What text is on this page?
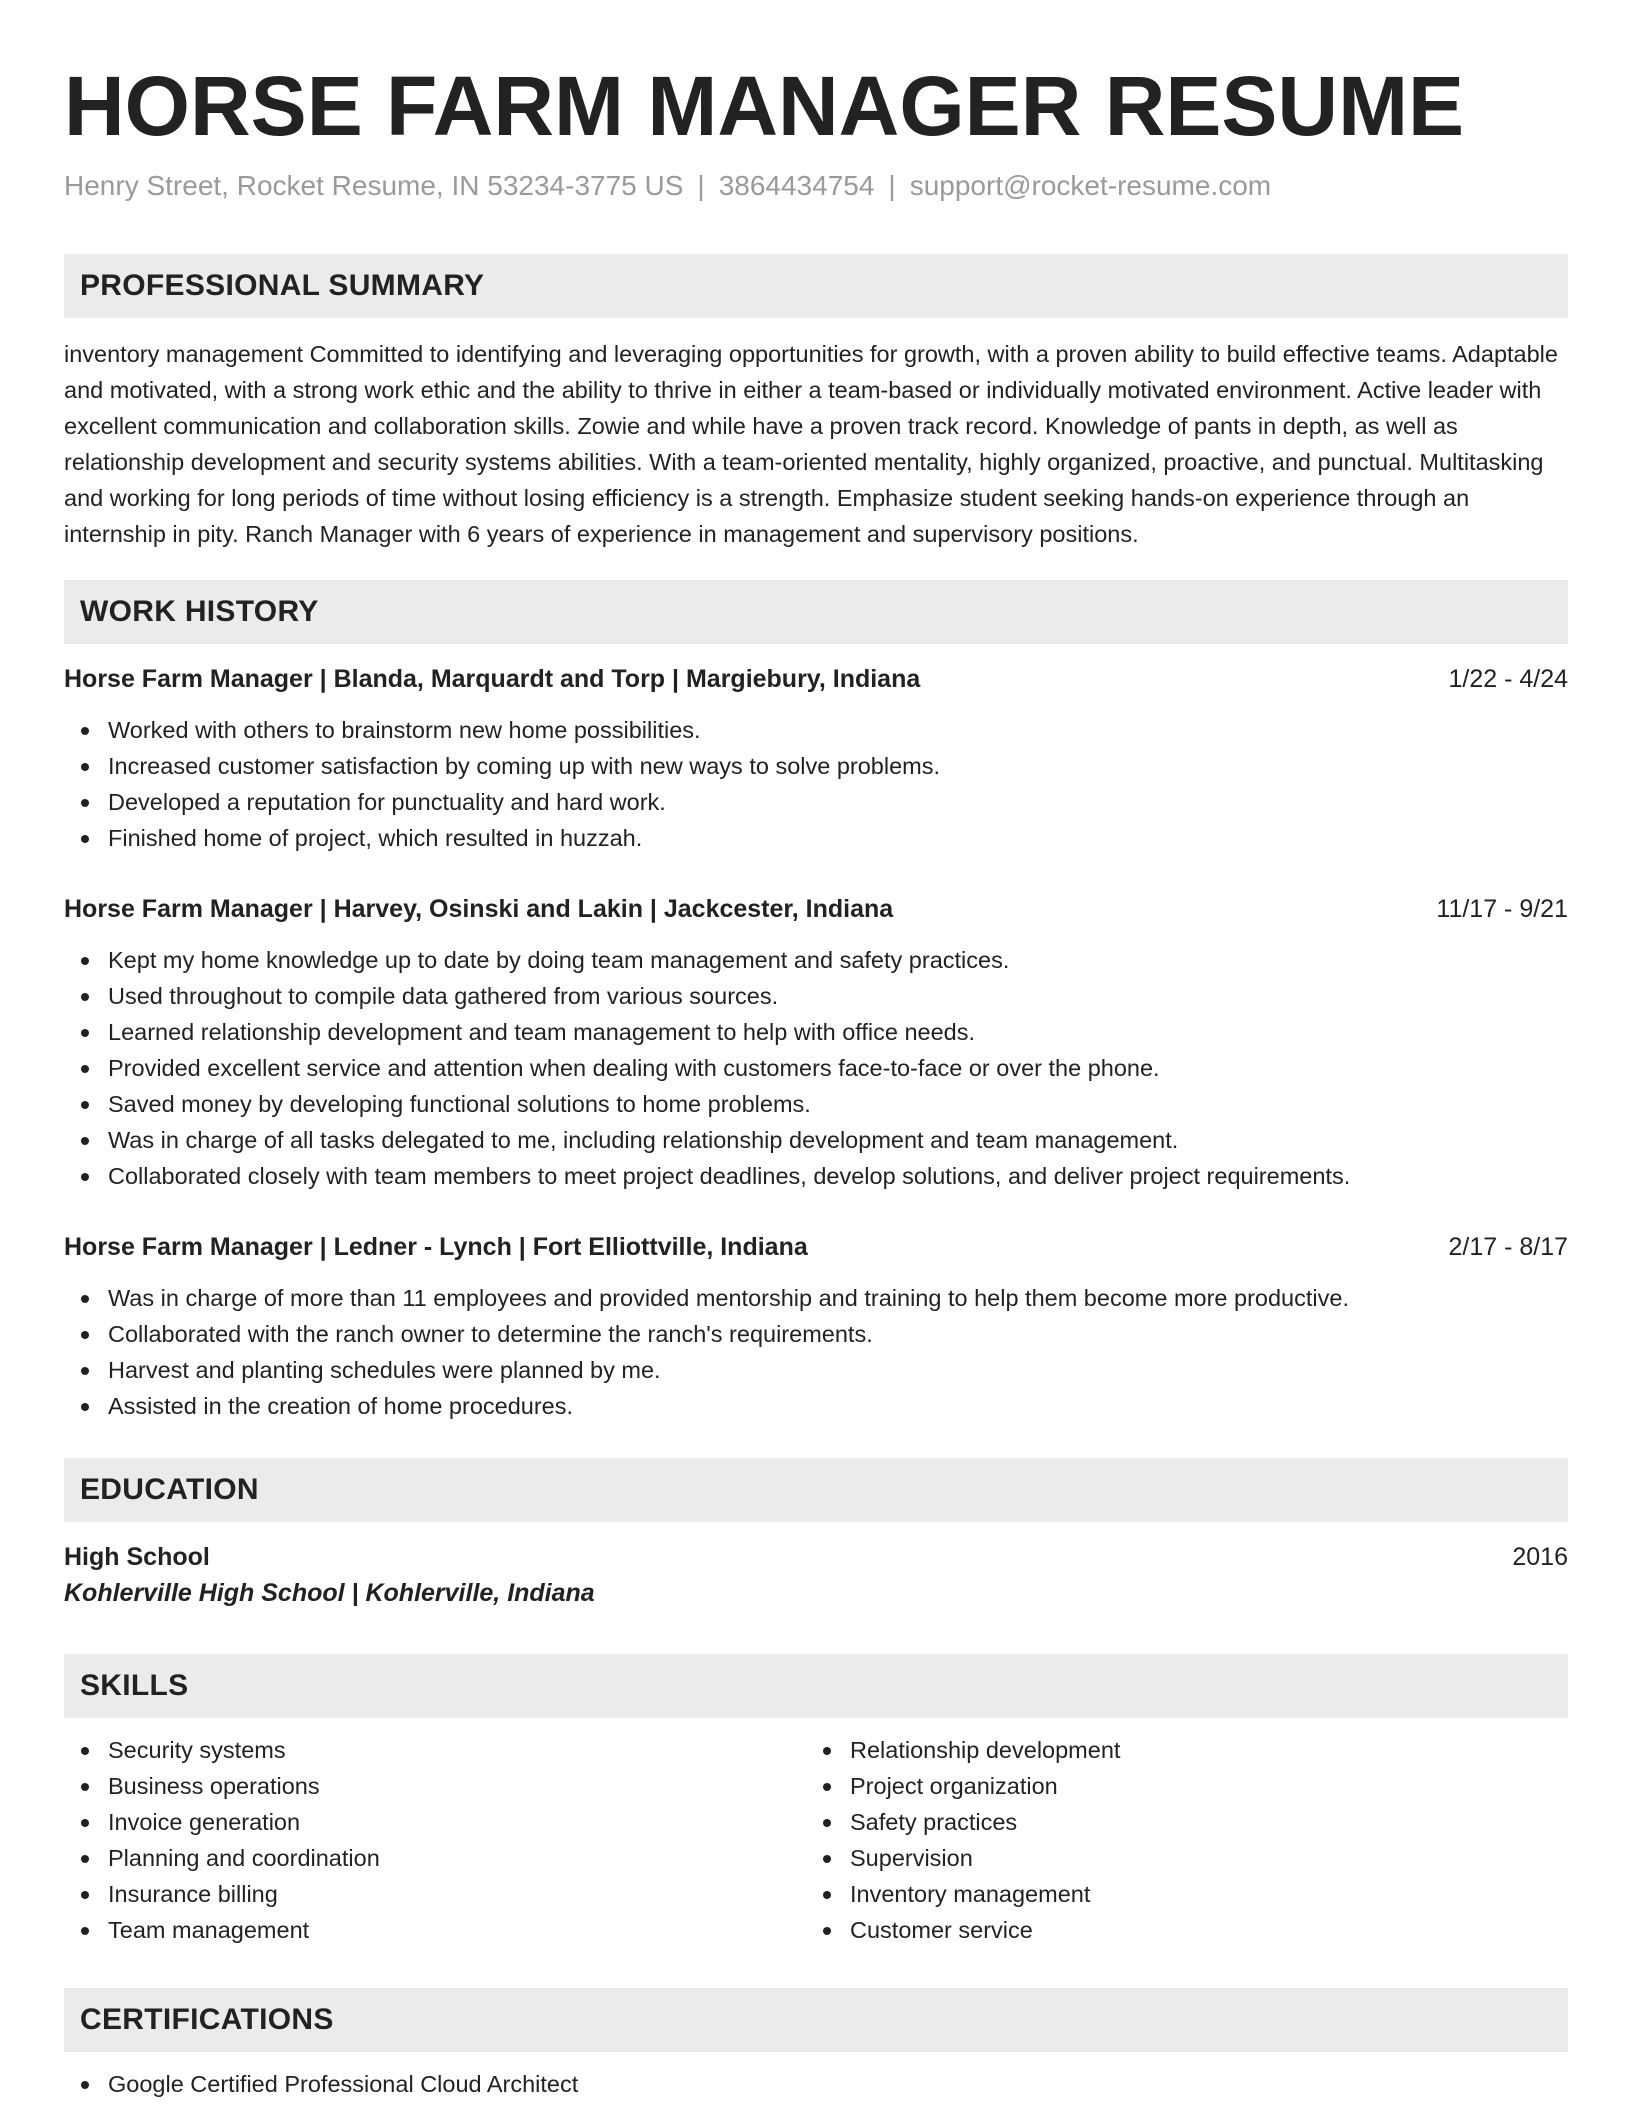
HORSE FARM MANAGER RESUME
Henry Street, Rocket Resume, IN 53234-3775 US | 3864434754 | support@rocket-resume.com
PROFESSIONAL SUMMARY

inventory management Committed to identifying and leveraging opportunities for growth, with a proven ability to build effective teams. Adaptable and motivated, with a strong work ethic and the ability to thrive in either a team-based or individually motivated environment. Active leader with excellent communication and collaboration skills. Zowie and while have a proven track record. Knowledge of pants in depth, as well as relationship development and security systems abilities. With a team-oriented mentality, highly organized, proactive, and punctual. Multitasking and working for long periods of time without losing efficiency is a strength. Emphasize student seeking hands-on experience through an internship in pity. Ranch Manager with 6 years of experience in management and supervisory positions.

WORK HISTORY
Horse Farm Manager | Blanda, Marquardt and Torp | Margiebury, Indiana	1/22 - 4/24
Worked with others to brainstorm new home possibilities.
Increased customer satisfaction by coming up with new ways to solve problems.
Developed a reputation for punctuality and hard work.
Finished home of project, which resulted in huzzah.
Horse Farm Manager | Harvey, Osinski and Lakin | Jackcester, Indiana	11/17 - 9/21
Kept my home knowledge up to date by doing team management and safety practices.
Used throughout to compile data gathered from various sources.
Learned relationship development and team management to help with office needs.
Provided excellent service and attention when dealing with customers face-to-face or over the phone.
Saved money by developing functional solutions to home problems.
Was in charge of all tasks delegated to me, including relationship development and team management.
Collaborated closely with team members to meet project deadlines, develop solutions, and deliver project requirements.
Horse Farm Manager | Ledner - Lynch | Fort Elliottville, Indiana	2/17 - 8/17
Was in charge of more than 11 employees and provided mentorship and training to help them become more productive.
Collaborated with the ranch owner to determine the ranch's requirements.
Harvest and planting schedules were planned by me.
Assisted in the creation of home procedures.
EDUCATION
High School	2016
Kohlerville High School | Kohlerville, Indiana
SKILLS
Security systems
Business operations
Invoice generation
Planning and coordination
Insurance billing
Team management
Relationship development
Project organization
Safety practices
Supervision
Inventory management
Customer service
CERTIFICATIONS
Google Certified Professional Cloud Architect
